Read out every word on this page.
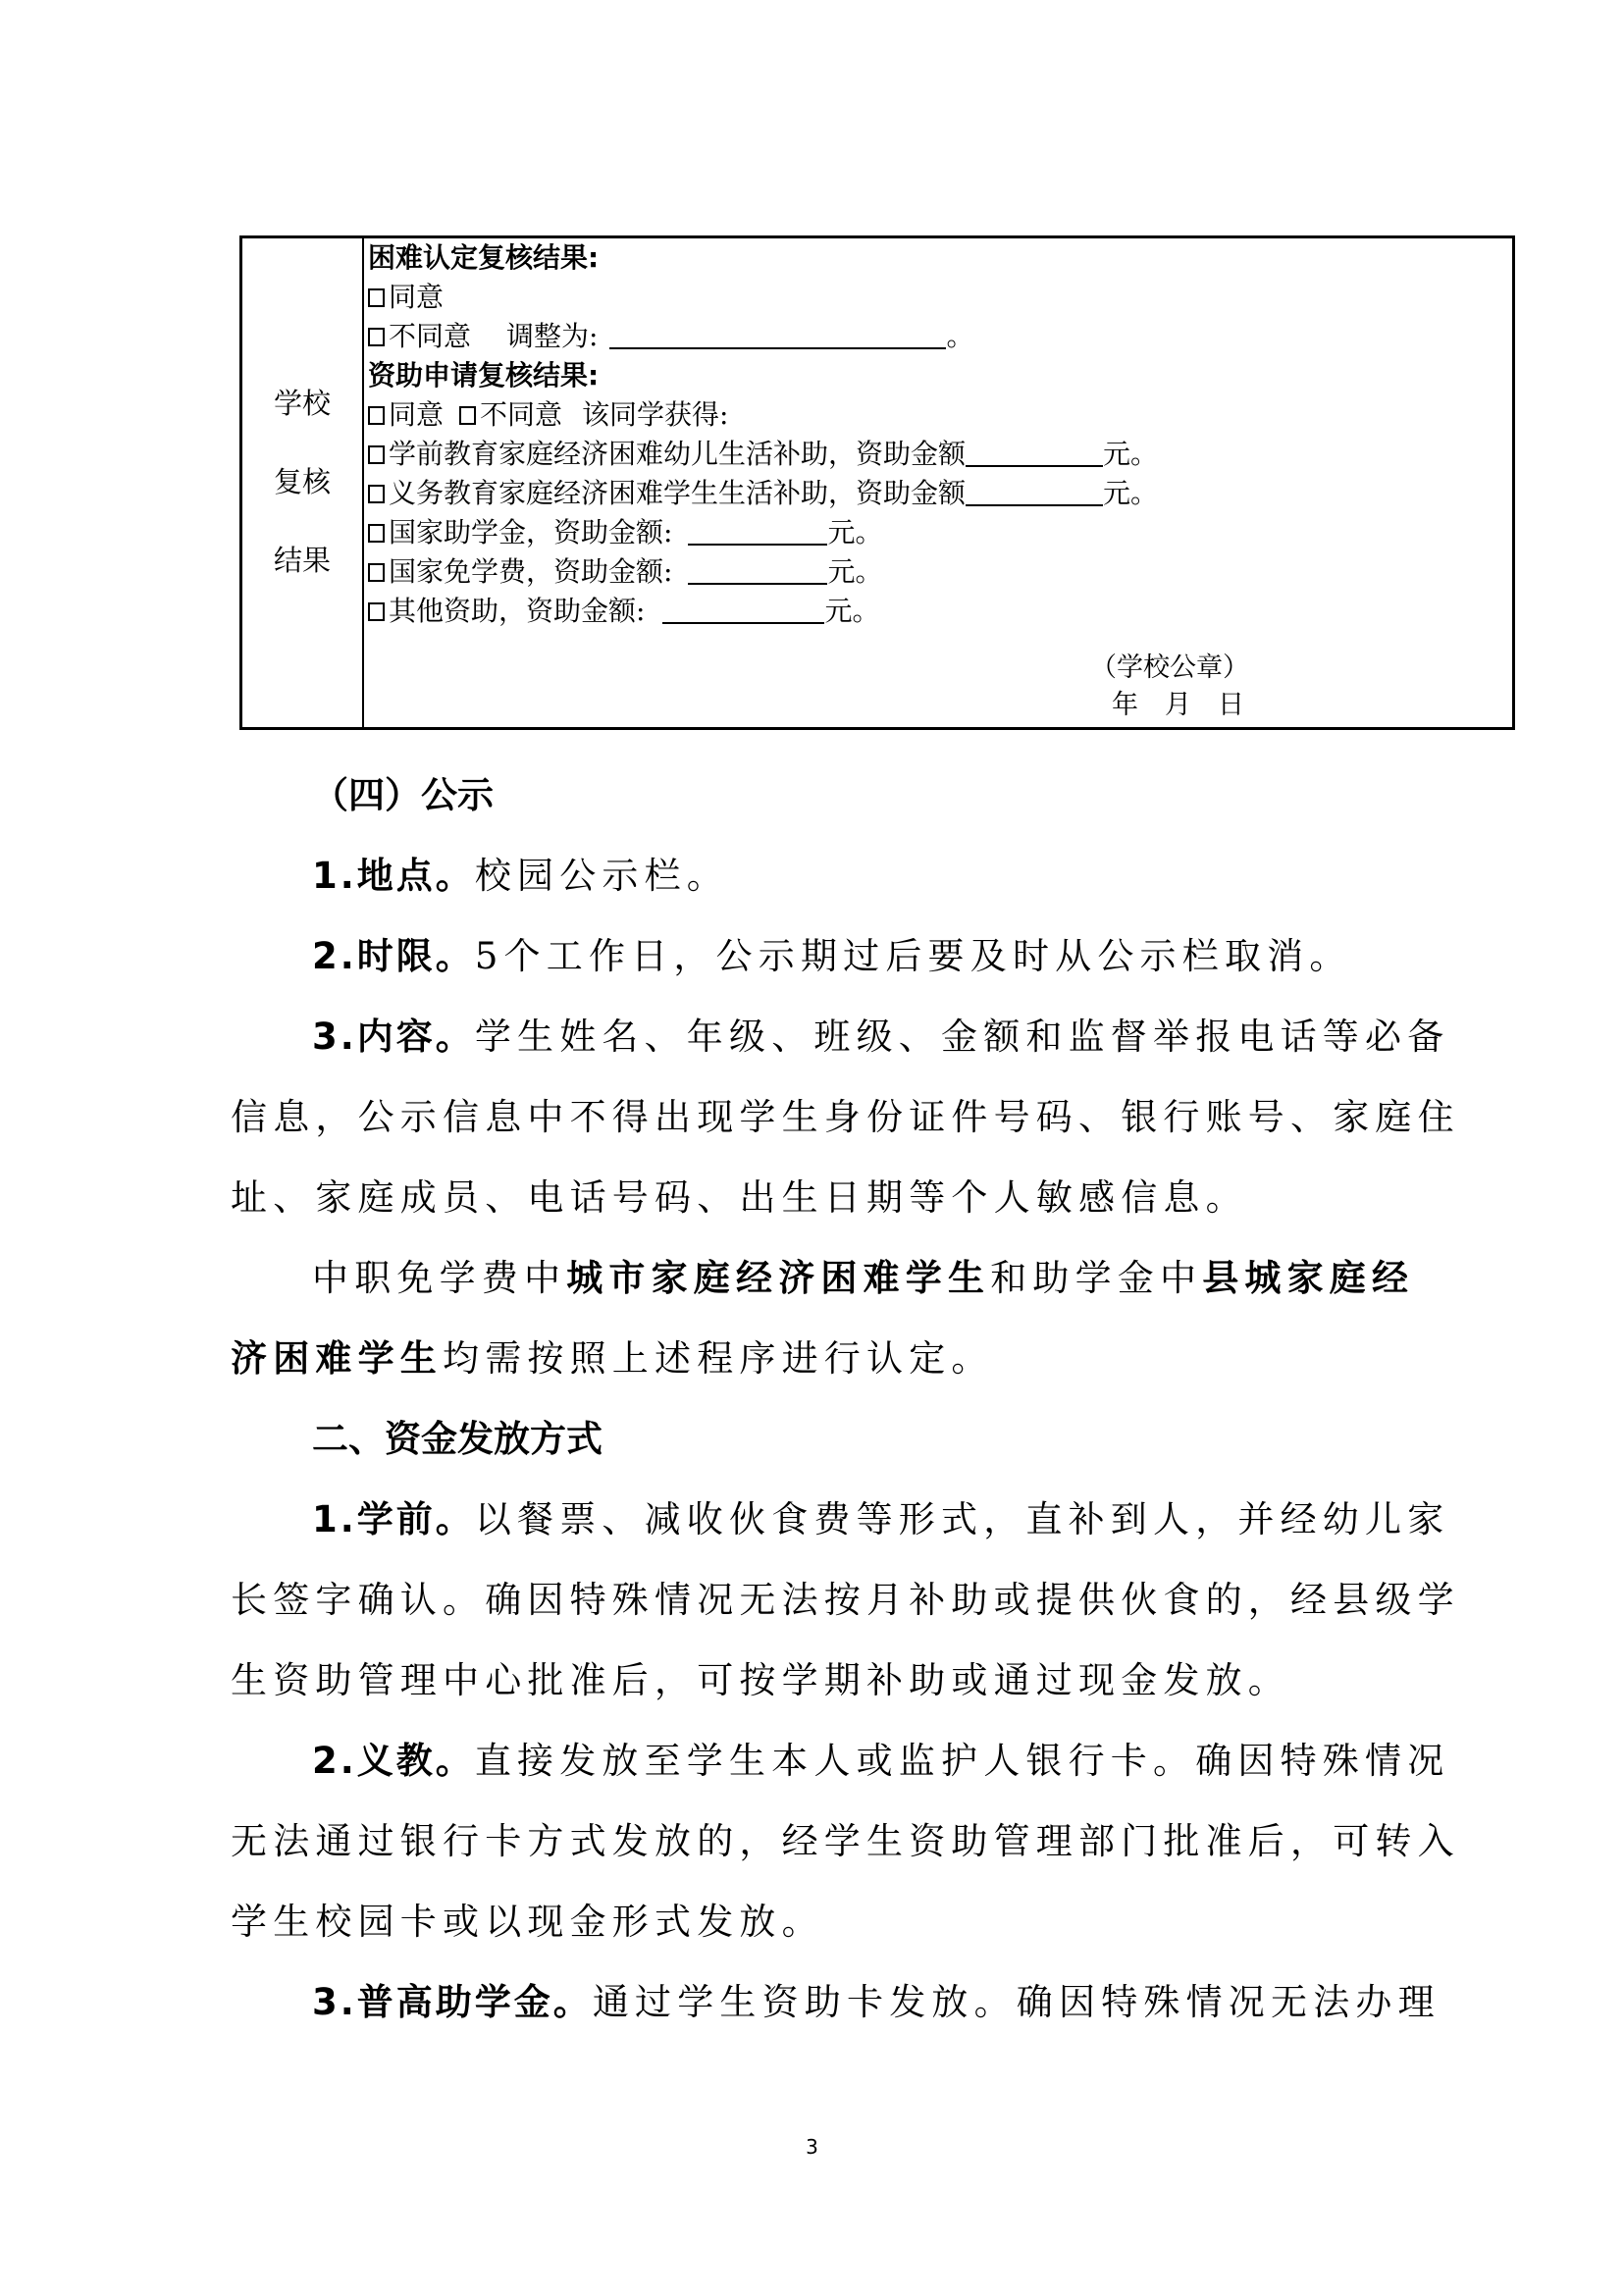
学校
复核
结果
困难认定复核结果:
同意
不同意 调整为:	。
资助申请复核结果:
同意 不同意 该同学获得:
学前教育家庭经济困难幼儿生活补助，资助金额	元。
义务教育家庭经济困难学生生活补助，资助金额	元。
国家助学金，资助金额:	元。
国家免学费，资助金额:	元。
其他资助，资助金额:	元。
（学校公章）
年　月　日
（四）公示
1.地点。校园公示栏。
2.时限。5个工作日，公示期过后要及时从公示栏取消。
3.内容。学生姓名、年级、班级、金额和监督举报电话等必备
信息，公示信息中不得出现学生身份证件号码、银行账号、家庭住
址、家庭成员、电话号码、出生日期等个人敏感信息。
中职免学费中城市家庭经济困难学生和助学金中县城家庭经
济困难学生均需按照上述程序进行认定。
二、资金发放方式
1.学前。以餐票、减收伙食费等形式，直补到人，并经幼儿家
长签字确认。确因特殊情况无法按月补助或提供伙食的，经县级学
生资助管理中心批准后，可按学期补助或通过现金发放。
2.义教。直接发放至学生本人或监护人银行卡。确因特殊情况
无法通过银行卡方式发放的，经学生资助管理部门批准后，可转入
学生校园卡或以现金形式发放。
3.普高助学金。通过学生资助卡发放。确因特殊情况无法办理
3
